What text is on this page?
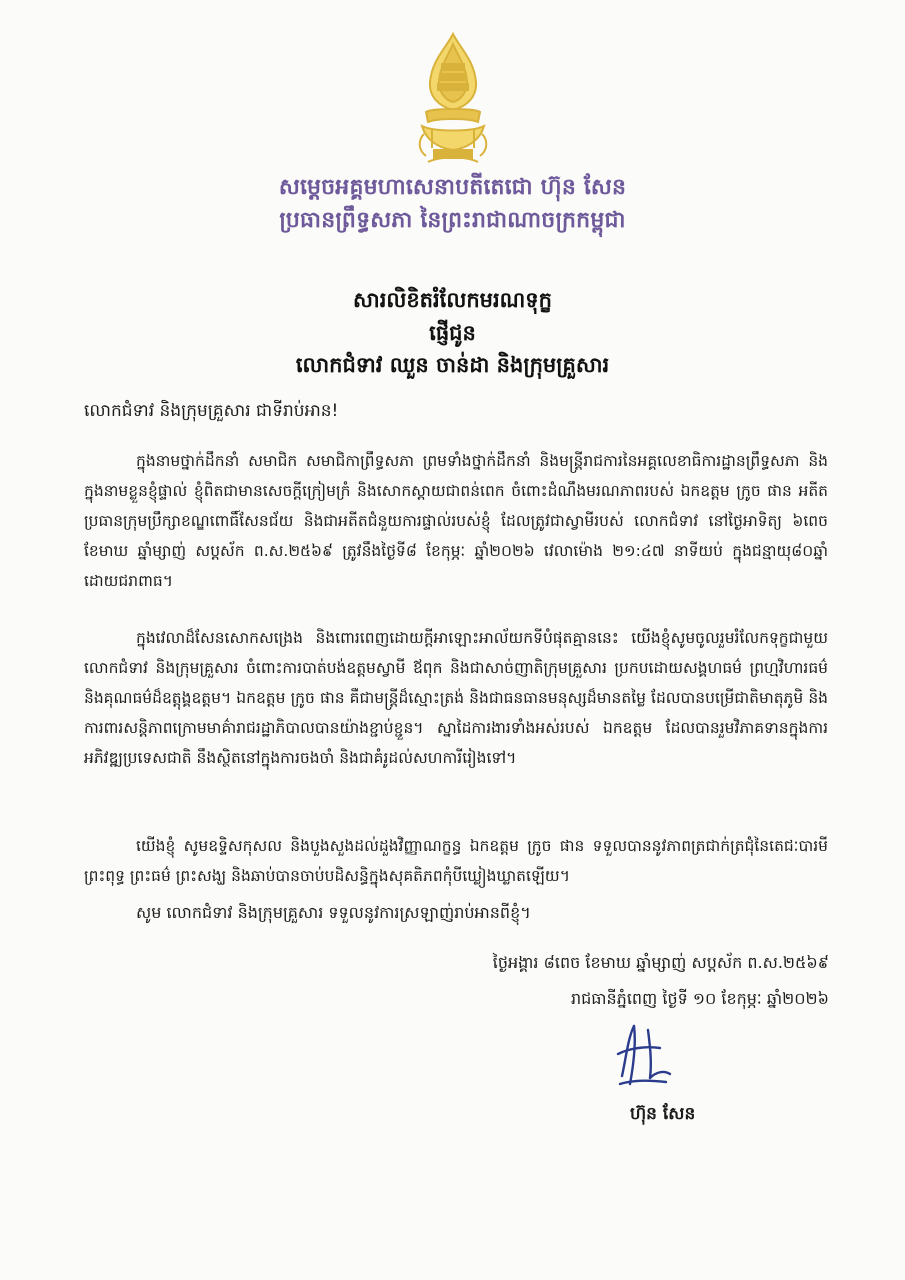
សម្ដេចអគ្គមហាសេនាបតីតេជោ ហ៊ុន សែន
ប្រធានព្រឹទ្ធសភា នៃព្រះរាជាណាចក្រកម្ពុជា
សារលិខិតរំលែកមរណទុក្ខ
ផ្ញើជូន
លោកជំទាវ ឈួន ចាន់ដា និងក្រុមគ្រួសារ
លោកជំទាវ និងក្រុមគ្រួសារ ជាទីរាប់អាន!

ក្នុងនាមថ្នាក់ដឹកនាំ សមាជិក សមាជិកាព្រឹទ្ធសភា ព្រមទាំងថ្នាក់ដឹកនាំ និងមន្ត្រីរាជការនៃអគ្គលេខាធិការដ្ឋានព្រឹទ្ធសភា និងក្នុងនាមខ្លួនខ្ញុំផ្ទាល់ ខ្ញុំពិតជាមានសេចក្ដីក្រៀមក្រំ និងសោកស្ដាយជាពន់ពេក ចំពោះដំណឹងមរណភាពរបស់ ឯកឧត្ដម ក្រូច ផាន អតីតប្រធានក្រុមប្រឹក្សាខណ្ឌពោធិ៍សែនជ័យ និងជាអតីតជំនួយការផ្ទាល់របស់ខ្ញុំ ដែលត្រូវជាស្វាមីរបស់ លោកជំទាវ នៅថ្ងៃអាទិត្យ ៦ពេច ខែមាឃ ឆ្នាំម្សាញ់ សប្តស័ក ព.ស.២៥៦៩ ត្រូវនឹងថ្ងៃទី៨ ខែកុម្ភៈ ឆ្នាំ២០២៦ វេលាម៉ោង ២១:៤៧ នាទីយប់ ក្នុងជន្មាយុ៨០ឆ្នាំ ដោយជរាពាធ។

ក្នុងវេលាដ៏សែនសោកសង្រេង និងពោរពេញដោយក្ដីអាឡោះអាល័យកទីបំផុតគ្មាននេះ យើងខ្ញុំសូមចូលរួមរំលែកទុក្ខជាមួយ លោកជំទាវ និងក្រុមគ្រួសារ ចំពោះការបាត់បង់ឧត្តមស្វាមី ឪពុក និងជាសាច់ញាតិក្រុមគ្រួសារ ប្រកបដោយសង្គហធម៌ ព្រហ្មវិហារធម៌ និងគុណធម៌ដ៏ឧត្តុង្គឧត្តម។ ឯកឧត្ដម ក្រូច ផាន គឺជាមន្ត្រីដ៏ស្មោះត្រង់ និងជាធនធានមនុស្សដ៏មានតម្លៃ ដែលបានបម្រើជាតិមាតុភូមិ និងការពារសន្តិភាពក្រោមមាគ៌ារាជរដ្ឋាភិបាលបានយ៉ាងខ្ជាប់ខ្ជួន។ ស្នាដៃការងារទាំងអស់របស់ ឯកឧត្ដម ដែលបានរួមវិភាគទានក្នុងការអភិវឌ្ឍប្រទេសជាតិ នឹងស្ថិតនៅក្នុងការចងចាំ និងជាគំរូដល់សហការីរៀងទៅ។

យើងខ្ញុំ សូមឧទ្ទិសកុសល និងបួងសួងដល់ដួងវិញ្ញាណក្ខន្ធ ឯកឧត្ដម ក្រូច ផាន ទទួលបាននូវភាពត្រជាក់ត្រជុំនៃតេជៈបារមីព្រះពុទ្ធ ព្រះធម៌ ព្រះសង្ឃ និងឆាប់បានចាប់បដិសន្ធិក្នុងសុគតិភពកុំបីឃ្លៀងឃ្លាតឡើយ។

សូម លោកជំទាវ និងក្រុមគ្រួសារ ទទួលនូវការស្រឡាញ់រាប់អានពីខ្ញុំ។
ថ្ងៃអង្គារ ៨ពេច ខែមាឃ ឆ្នាំម្សាញ់ សប្តស័ក ព.ស.២៥៦៩
រាជធានីភ្នំពេញ ថ្ងៃទី ១០ ខែកុម្ភៈ ឆ្នាំ២០២៦
ហ៊ុន សែន
